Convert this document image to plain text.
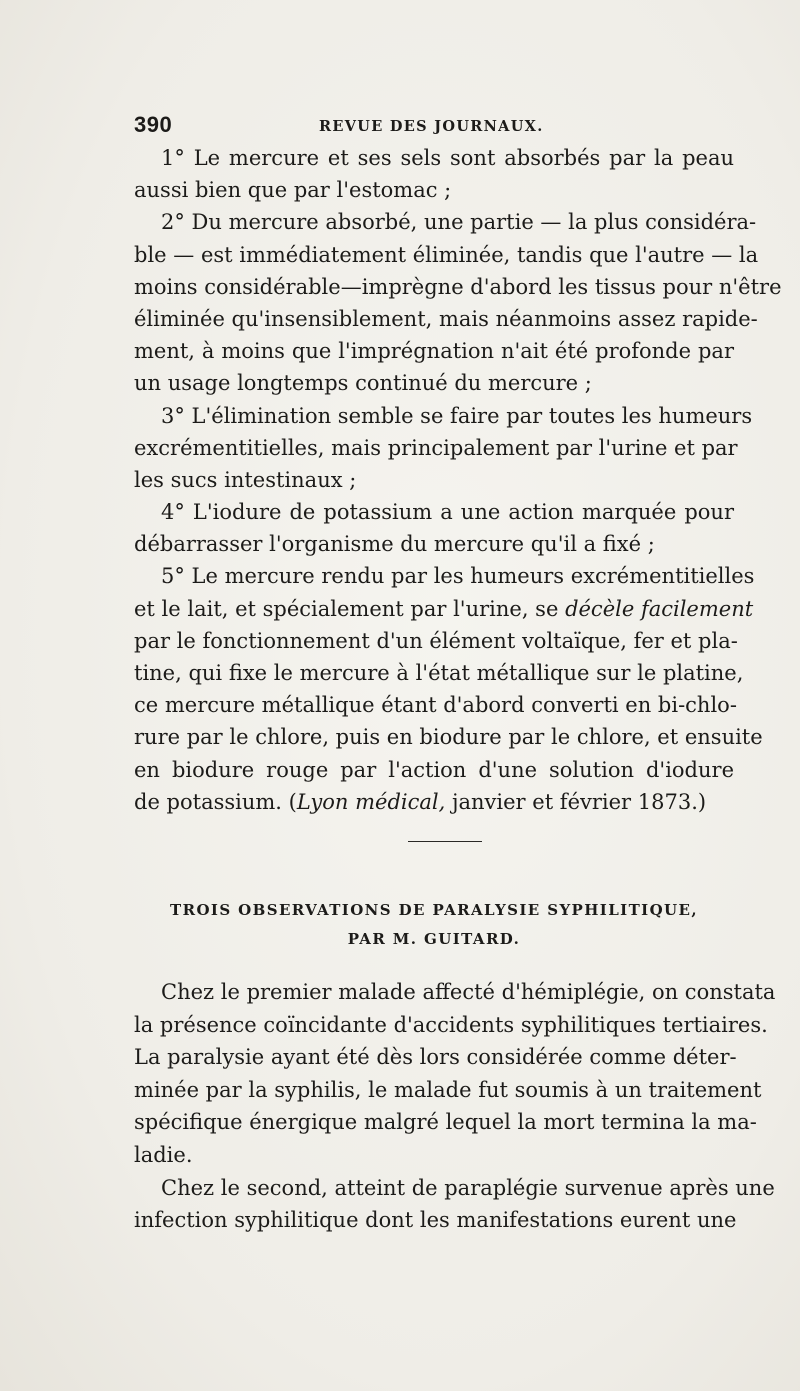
390	REVUE DES JOURNAUX.
1° Le mercure et ses sels sont absorbés par la peau
aussi bien que par l'estomac ;
2° Du mercure absorbé, une partie — la plus considéra-
ble — est immédiatement éliminée, tandis que l'autre — la
moins considérable—imprègne d'abord les tissus pour n'être
éliminée qu'insensiblement, mais néanmoins assez rapide-
ment, à moins que l'imprégnation n'ait été profonde par
un usage longtemps continué du mercure ;
3° L'élimination semble se faire par toutes les humeurs
excrémentitielles, mais principalement par l'urine et par
les sucs intestinaux ;
4° L'iodure de potassium a une action marquée pour
débarrasser l'organisme du mercure qu'il a fixé ;
5° Le mercure rendu par les humeurs excrémentitielles
et le lait, et spécialement par l'urine, se décèle facilement
par le fonctionnement d'un élément voltaïque, fer et pla-
tine, qui fixe le mercure à l'état métallique sur le platine,
ce mercure métallique étant d'abord converti en bi-chlo-
rure par le chlore, puis en biodure par le chlore, et ensuite
en biodure rouge par l'action d'une solution d'iodure
de potassium. (Lyon médical, janvier et février 1873.)
TROIS OBSERVATIONS DE PARALYSIE SYPHILITIQUE,
PAR M. GUITARD.
Chez le premier malade affecté d'hémiplégie, on constata
la présence coïncidante d'accidents syphilitiques tertiaires.
La paralysie ayant été dès lors considérée comme déter-
minée par la syphilis, le malade fut soumis à un traitement
spécifique énergique malgré lequel la mort termina la ma-
ladie.
Chez le second, atteint de paraplégie survenue après une
infection syphilitique dont les manifestations eurent une
